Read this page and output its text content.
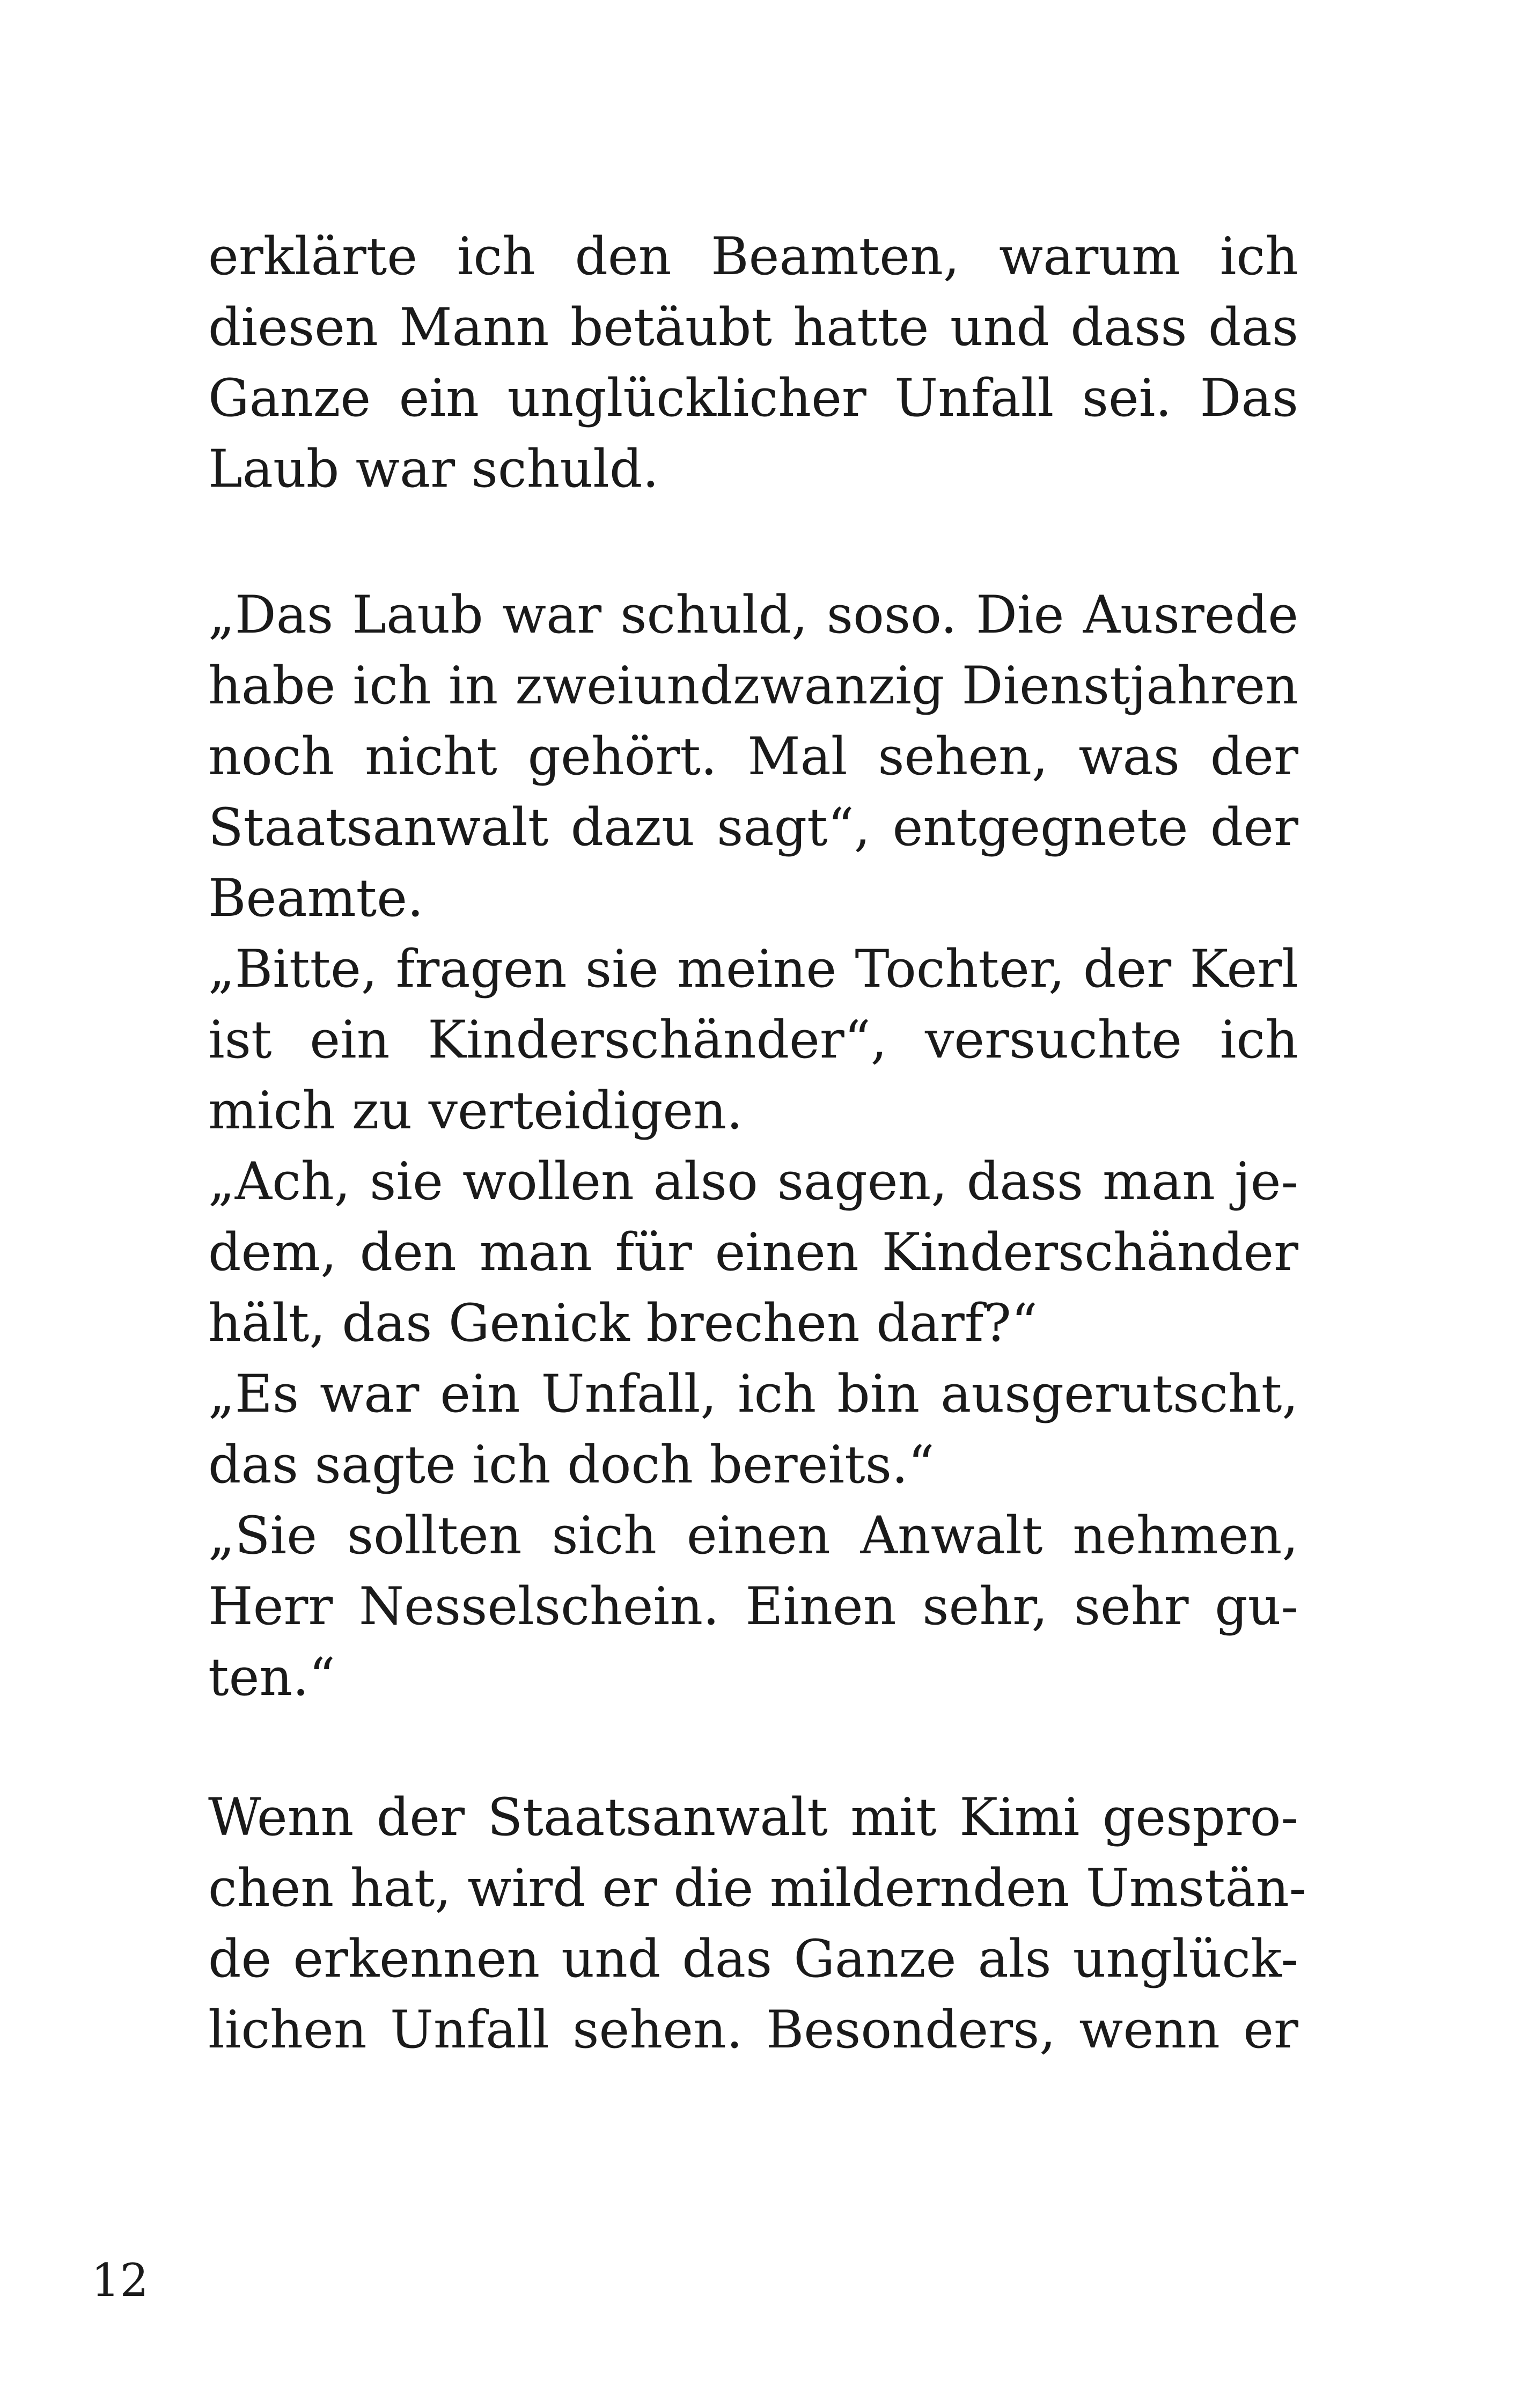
erklärte ich den Beamten, warum ich
diesen Mann betäubt hatte und dass das
Ganze ein unglücklicher Unfall sei. Das
Laub war schuld.
„Das Laub war schuld, soso. Die Ausrede
habe ich in zweiundzwanzig Dienstjahren
noch nicht gehört. Mal sehen, was der
Staatsanwalt dazu sagt“, entgegnete der
Beamte.
„Bitte, fragen sie meine Tochter, der Kerl
ist ein Kinderschänder“, versuchte ich
mich zu verteidigen.
„Ach, sie wollen also sagen, dass man je-
dem, den man für einen Kinderschänder
hält, das Genick brechen darf?“
„Es war ein Unfall, ich bin ausgerutscht,
das sagte ich doch bereits.“
„Sie sollten sich einen Anwalt nehmen,
Herr Nesselschein. Einen sehr, sehr gu-
ten.“
Wenn der Staatsanwalt mit Kimi gespro-
chen hat, wird er die mildernden Umstän-
de erkennen und das Ganze als unglück-
lichen Unfall sehen. Besonders, wenn er
12
